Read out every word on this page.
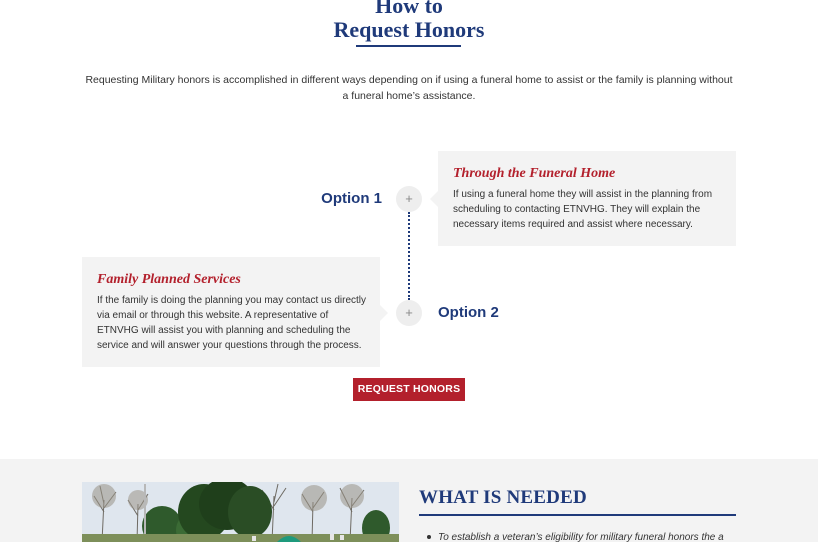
How to
Request Honors

Requesting Military honors is accomplished in different ways depending on if using a funeral home to assist or the family is planning without a funeral home’s assistance.

Option 1	+
+	Option 2
Through the Funeral Home
If using a funeral home they will assist in the planning from scheduling to contacting ETNVHG. They will explain the necessary items required and assist where necessary.
Family Planned Services
If the family is doing the planning you may contact us directly via email or through this website. A representative of ETNVHG will assist you with planning and scheduling the service and will answer your questions through the process.
REQUEST HONORS
WHAT IS NEEDED
To establish a veteran’s eligibility for military funeral honors the a
